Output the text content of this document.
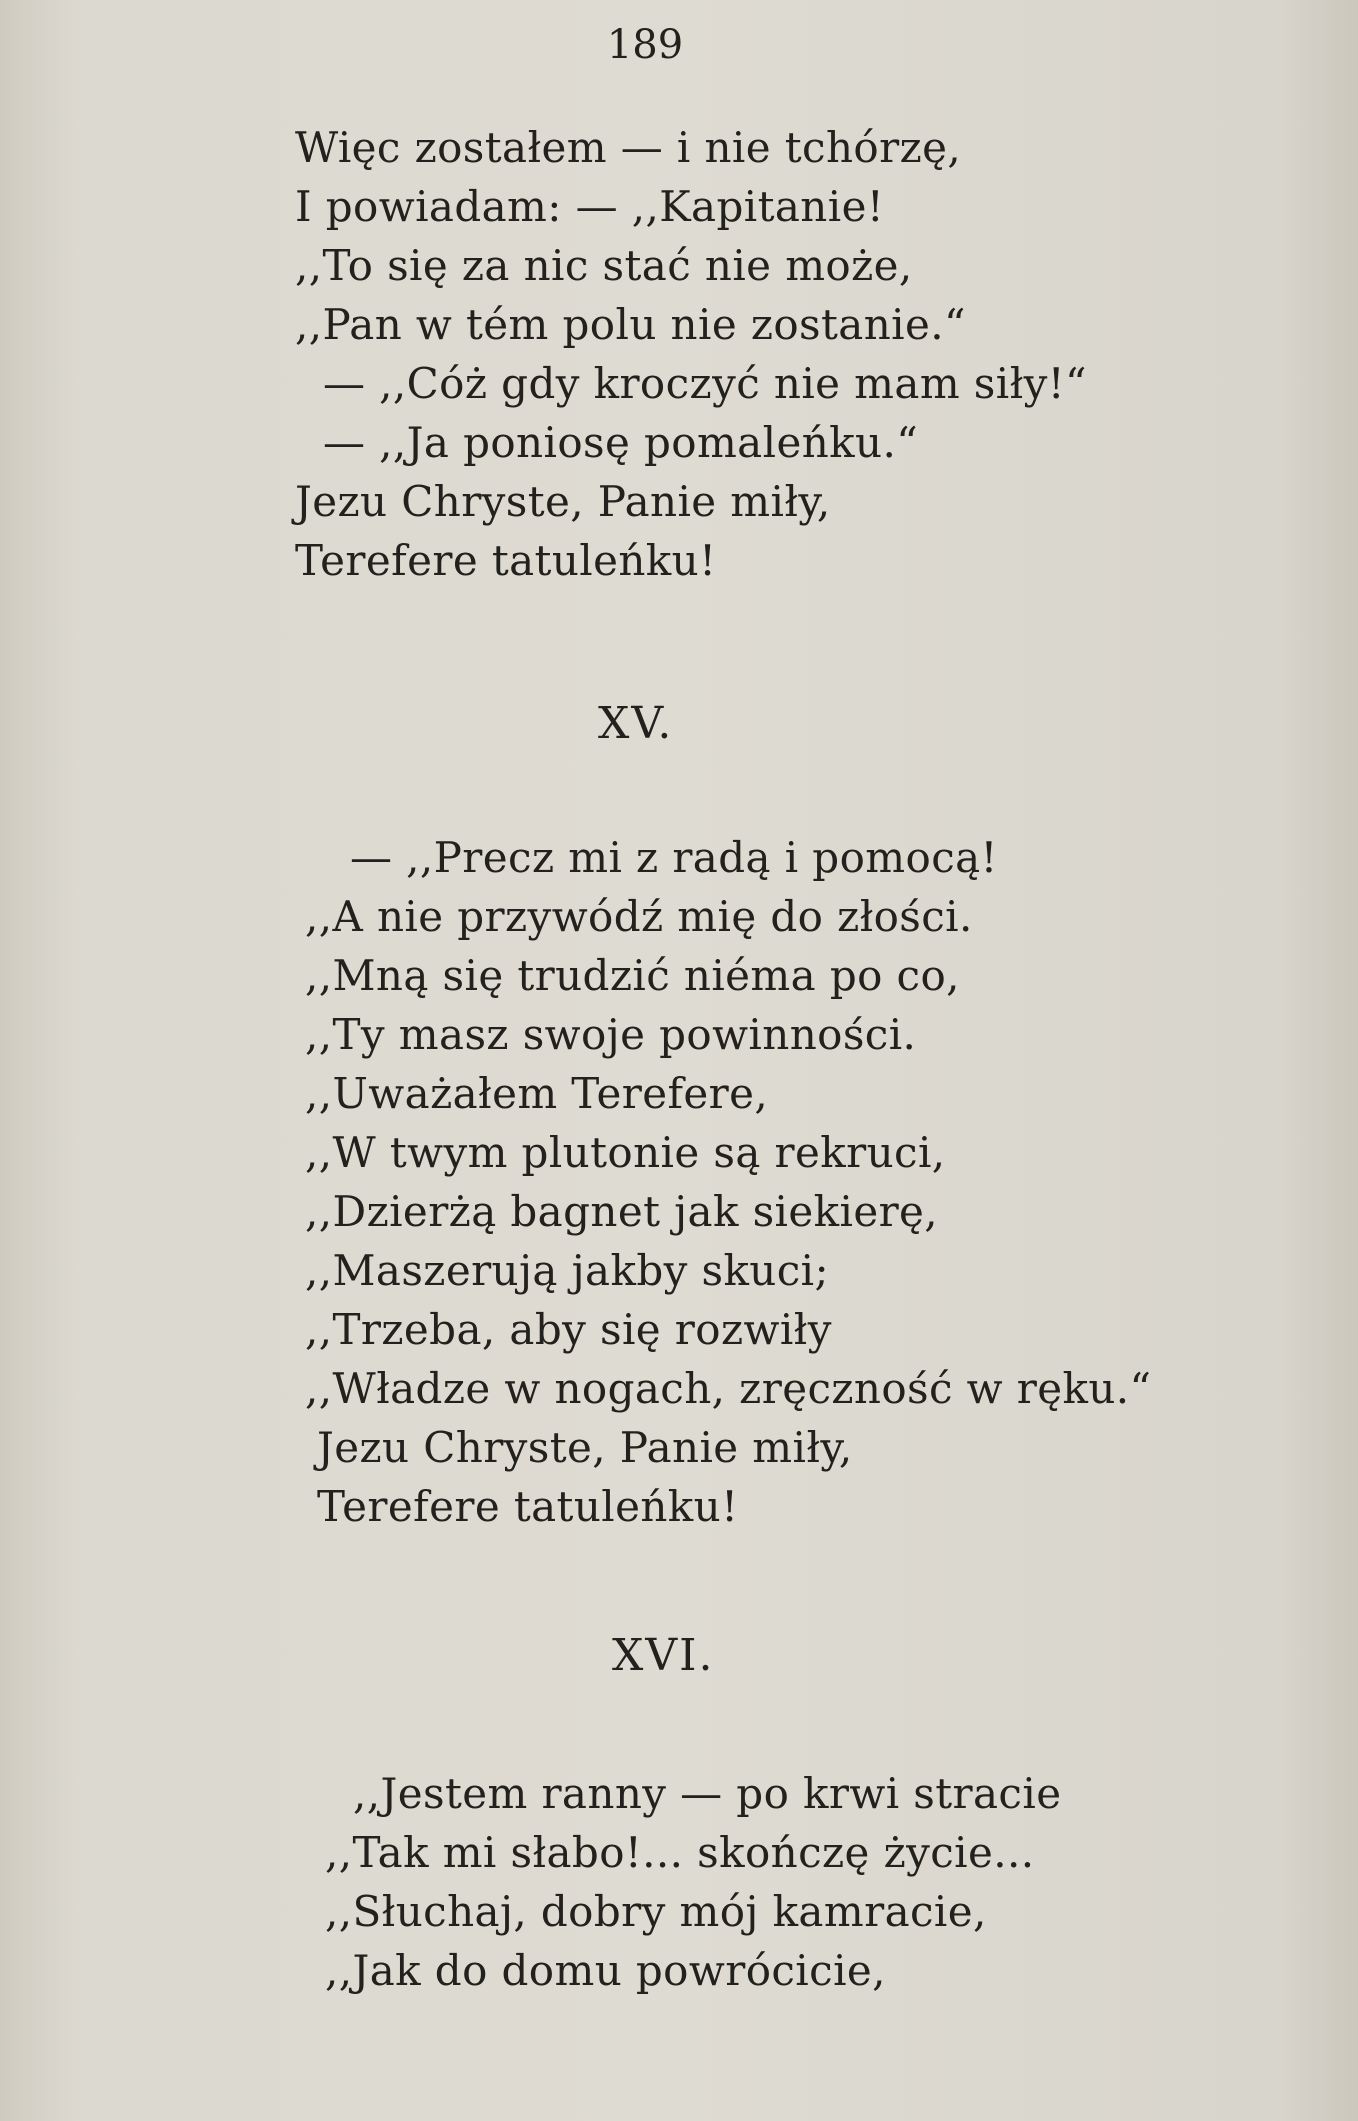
189
Więc zostałem — i nie tchórzę,
I powiadam: — ,,Kapitanie!
,,To się za nic stać nie może,
,,Pan w tém polu nie zostanie.“
— ,,Cóż gdy kroczyć nie mam siły!“
— ,,Ja poniosę pomaleńku.“
Jezu Chryste, Panie miły,
Terefere tatuleńku!
XV.
— ,,Precz mi z radą i pomocą!
,,A nie przywódź mię do złości.
,,Mną się trudzić niéma po co,
,,Ty masz swoje powinności.
,,Uważałem Terefere,
,,W twym plutonie są rekruci,
,,Dzierżą bagnet jak siekierę,
,,Maszerują jakby skuci;
,,Trzeba, aby się rozwiły
,,Władze w nogach, zręczność w ręku.“
Jezu Chryste, Panie miły,
Terefere tatuleńku!
XVI.
,,Jestem ranny — po krwi stracie
,,Tak mi słabo!... skończę życie...
,,Słuchaj, dobry mój kamracie,
,,Jak do domu powrócicie,
